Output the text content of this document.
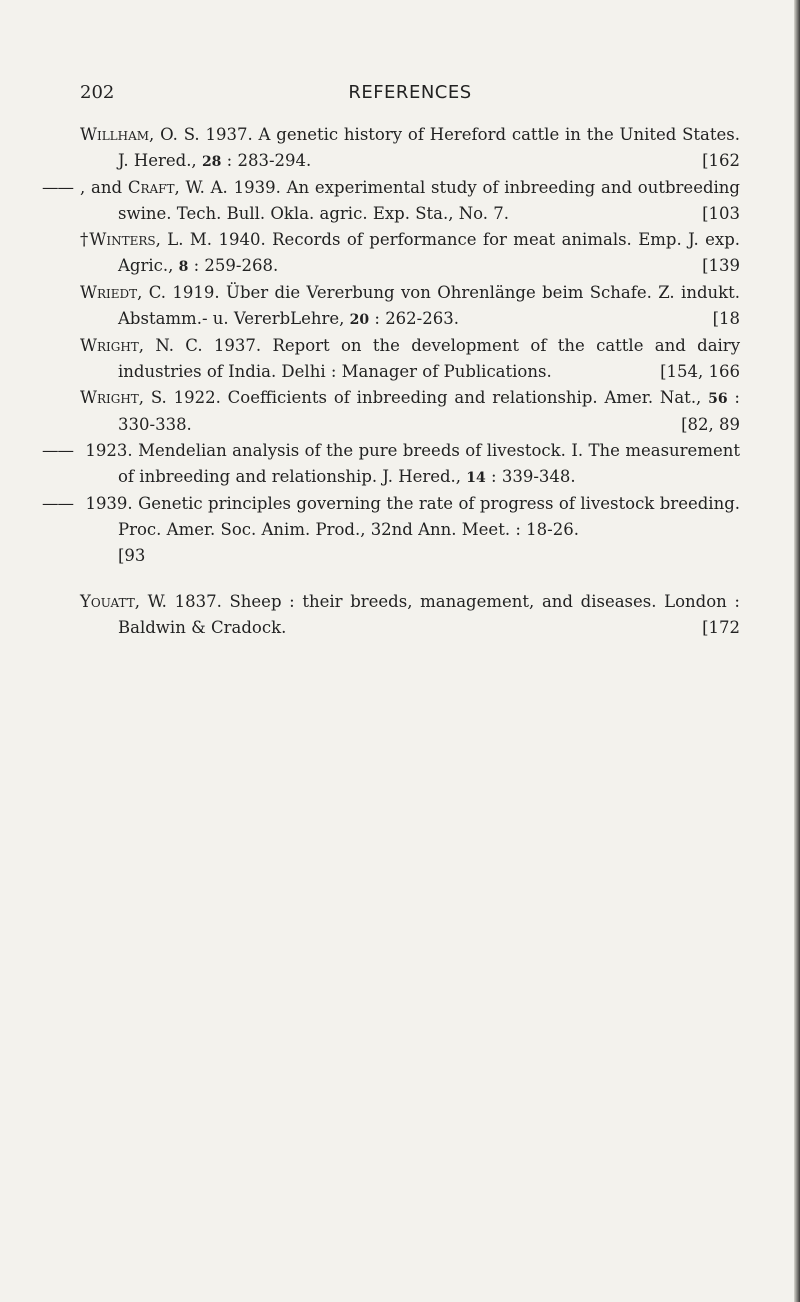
202	REFERENCES
Willham, O. S. 1937. A genetic history of Hereford cattle in the United States. J. Hered., 28 : 283-294.	[162
—— , and Craft, W. A. 1939. An experimental study of inbreeding and outbreeding swine. Tech. Bull. Okla. agric. Exp. Sta., No. 7.	[103
†Winters, L. M. 1940. Records of performance for meat animals. Emp. J. exp. Agric., 8 : 259-268.	[139
Wriedt, C. 1919. Über die Vererbung von Ohrenlänge beim Schafe. Z. indukt. Abstamm.- u. VererbLehre, 20 : 262-263.	[18
Wright, N. C. 1937. Report on the development of the cattle and dairy industries of India. Delhi : Manager of Publications.	[154, 166
Wright, S. 1922. Coefficients of inbreeding and relationship. Amer. Nat., 56 : 330-338.	[82, 89
—— 1923. Mendelian analysis of the pure breeds of livestock. I. The measurement of inbreeding and relationship. J. Hered., 14 : 339-348.
—— 1939. Genetic principles governing the rate of progress of livestock breeding. Proc. Amer. Soc. Anim. Prod., 32nd Ann. Meet. : 18-26.
[93
Youatt, W. 1837. Sheep : their breeds, management, and diseases. London : Baldwin & Cradock.	[172
